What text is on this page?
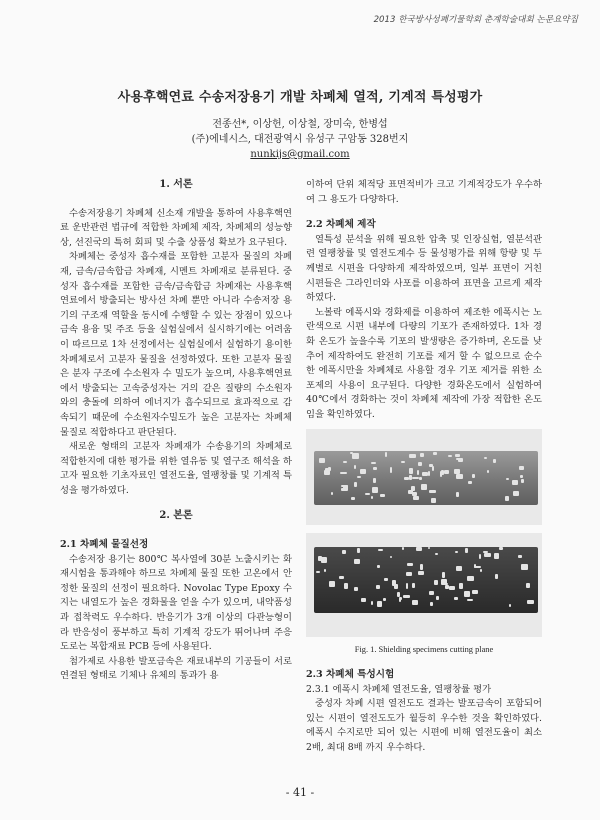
2013 한국방사성폐기물학회 춘계학술대회 논문요약집
사용후핵연료 수송저장용기 개발 차폐체 열적, 기계적 특성평가
전종선*, 이상헌, 이상철, 장미숙, 한병섭
(주)에네시스, 대전광역시 유성구 구암동 328번지
nunkijs@gmail.com
1. 서론

수송저장용기 차폐체 신소재 개발을 통하여 사용후핵연료 운반관련 법규에 적합한 차폐체 제작, 차폐체의 성능향상, 선진국의 특허 회피 및 수출 상품성 확보가 요구된다.

차폐체는 중성자 흡수재를 포함한 고분자 물질의 차폐재, 금속/금속합금 차폐재, 시멘트 차폐재로 분류된다. 중성자 흡수재를 포함한 금속/금속합금 차폐재는 사용후핵연료에서 방출되는 방사선 차폐 뿐만 아니라 수송저장 용기의 구조재 역할을 동시에 수행할 수 있는 장점이 있으나 금속 용융 및 주조 등을 실험실에서 실시하기에는 어려움이 따르므로 1차 선정에서는 실험실에서 실험하기 용이한 차폐체로서 고분자 물질을 선정하였다. 또한 고분자 물질은 분자 구조에 수소원자 수 밀도가 높으며, 사용후핵연료에서 방출되는 고속중성자는 거의 같은 질량의 수소원자와의 충돌에 의하여 에너지가 흡수되므로 효과적으로 감속되기 때문에 수소원자수밀도가 높은 고분자는 차폐체 물질로 적합하다고 판단된다.

새로운 형태의 고분자 차폐재가 수송용기의 차폐체로 적합한지에 대한 평가를 위한 열유동 및 열구조 해석을 하고자 필요한 기초자료인 열전도율, 열팽창률 및 기계적 특성을 평가하였다.

2. 본론
2.1 차폐체 물질선정

수송저장 용기는 800℃ 복사열에 30분 노출시키는 화재시험을 통과해야 하므로 차폐체 물질 또한 고온에서 안정한 물질의 선정이 필요하다. Novolac Type Epoxy 수지는 내열도가 높은 경화물을 얻을 수가 있으며, 내약품성과 접착력도 우수하다. 반응기가 3개 이상의 다관능형이라 반응성이 풍부하고 특히 기계적 강도가 뛰어나며 주응도로는 복합재료 PCB 등에 사용된다.

첨가제로 사용한 발포금속은 재료내부의 기공들이 서로 연결된 형태로 기체나 유체의 통과가 용

이하여 단위 체적당 표면적비가 크고 기계적강도가 우수하여 그 용도가 다양하다.

2.2 차폐체 제작

열특성 분석을 위해 필요한 압축 및 인장실험, 열분석관련 열팽창률 및 열전도계수 등 물성평가를 위해 항량 및 두께별로 시편을 다양하게 제작하였으며, 일부 표면이 거친 시편들은 그라인더와 사포를 이용하여 표면을 고르게 제작하였다.

노볼락 에폭시와 경화제를 이용하여 제조한 에폭시는 노란색으로 시편 내부에 다량의 기포가 존재하였다. 1차 경화 온도가 높을수록 기포의 발생량은 증가하며, 온도를 낮추어 제작하여도 완전히 기포를 제거 할 수 없으므로 순수한 에폭시만을 차폐체로 사용할 경우 기포 제거를 위한 소포제의 사용이 요구된다. 다양한 경화온도에서 실험하여 40℃에서 경화하는 것이 차폐체 제작에 가장 적합한 온도임을 확인하였다.

Fig. 1. Shielding specimens cutting plane
2.3 차폐체 특성시험

2.3.1 에폭시 차폐체 열전도율, 열팽창률 평가

중성자 차폐 시편 열전도도 결과는 발포금속이 포함되어 있는 시편이 열전도도가 월등히 우수한 것을 확인하였다. 에폭시 수지로만 되어 있는 시편에 비해 열전도율이 최소 2배, 최대 8배 까지 우수하다.

- 41 -
